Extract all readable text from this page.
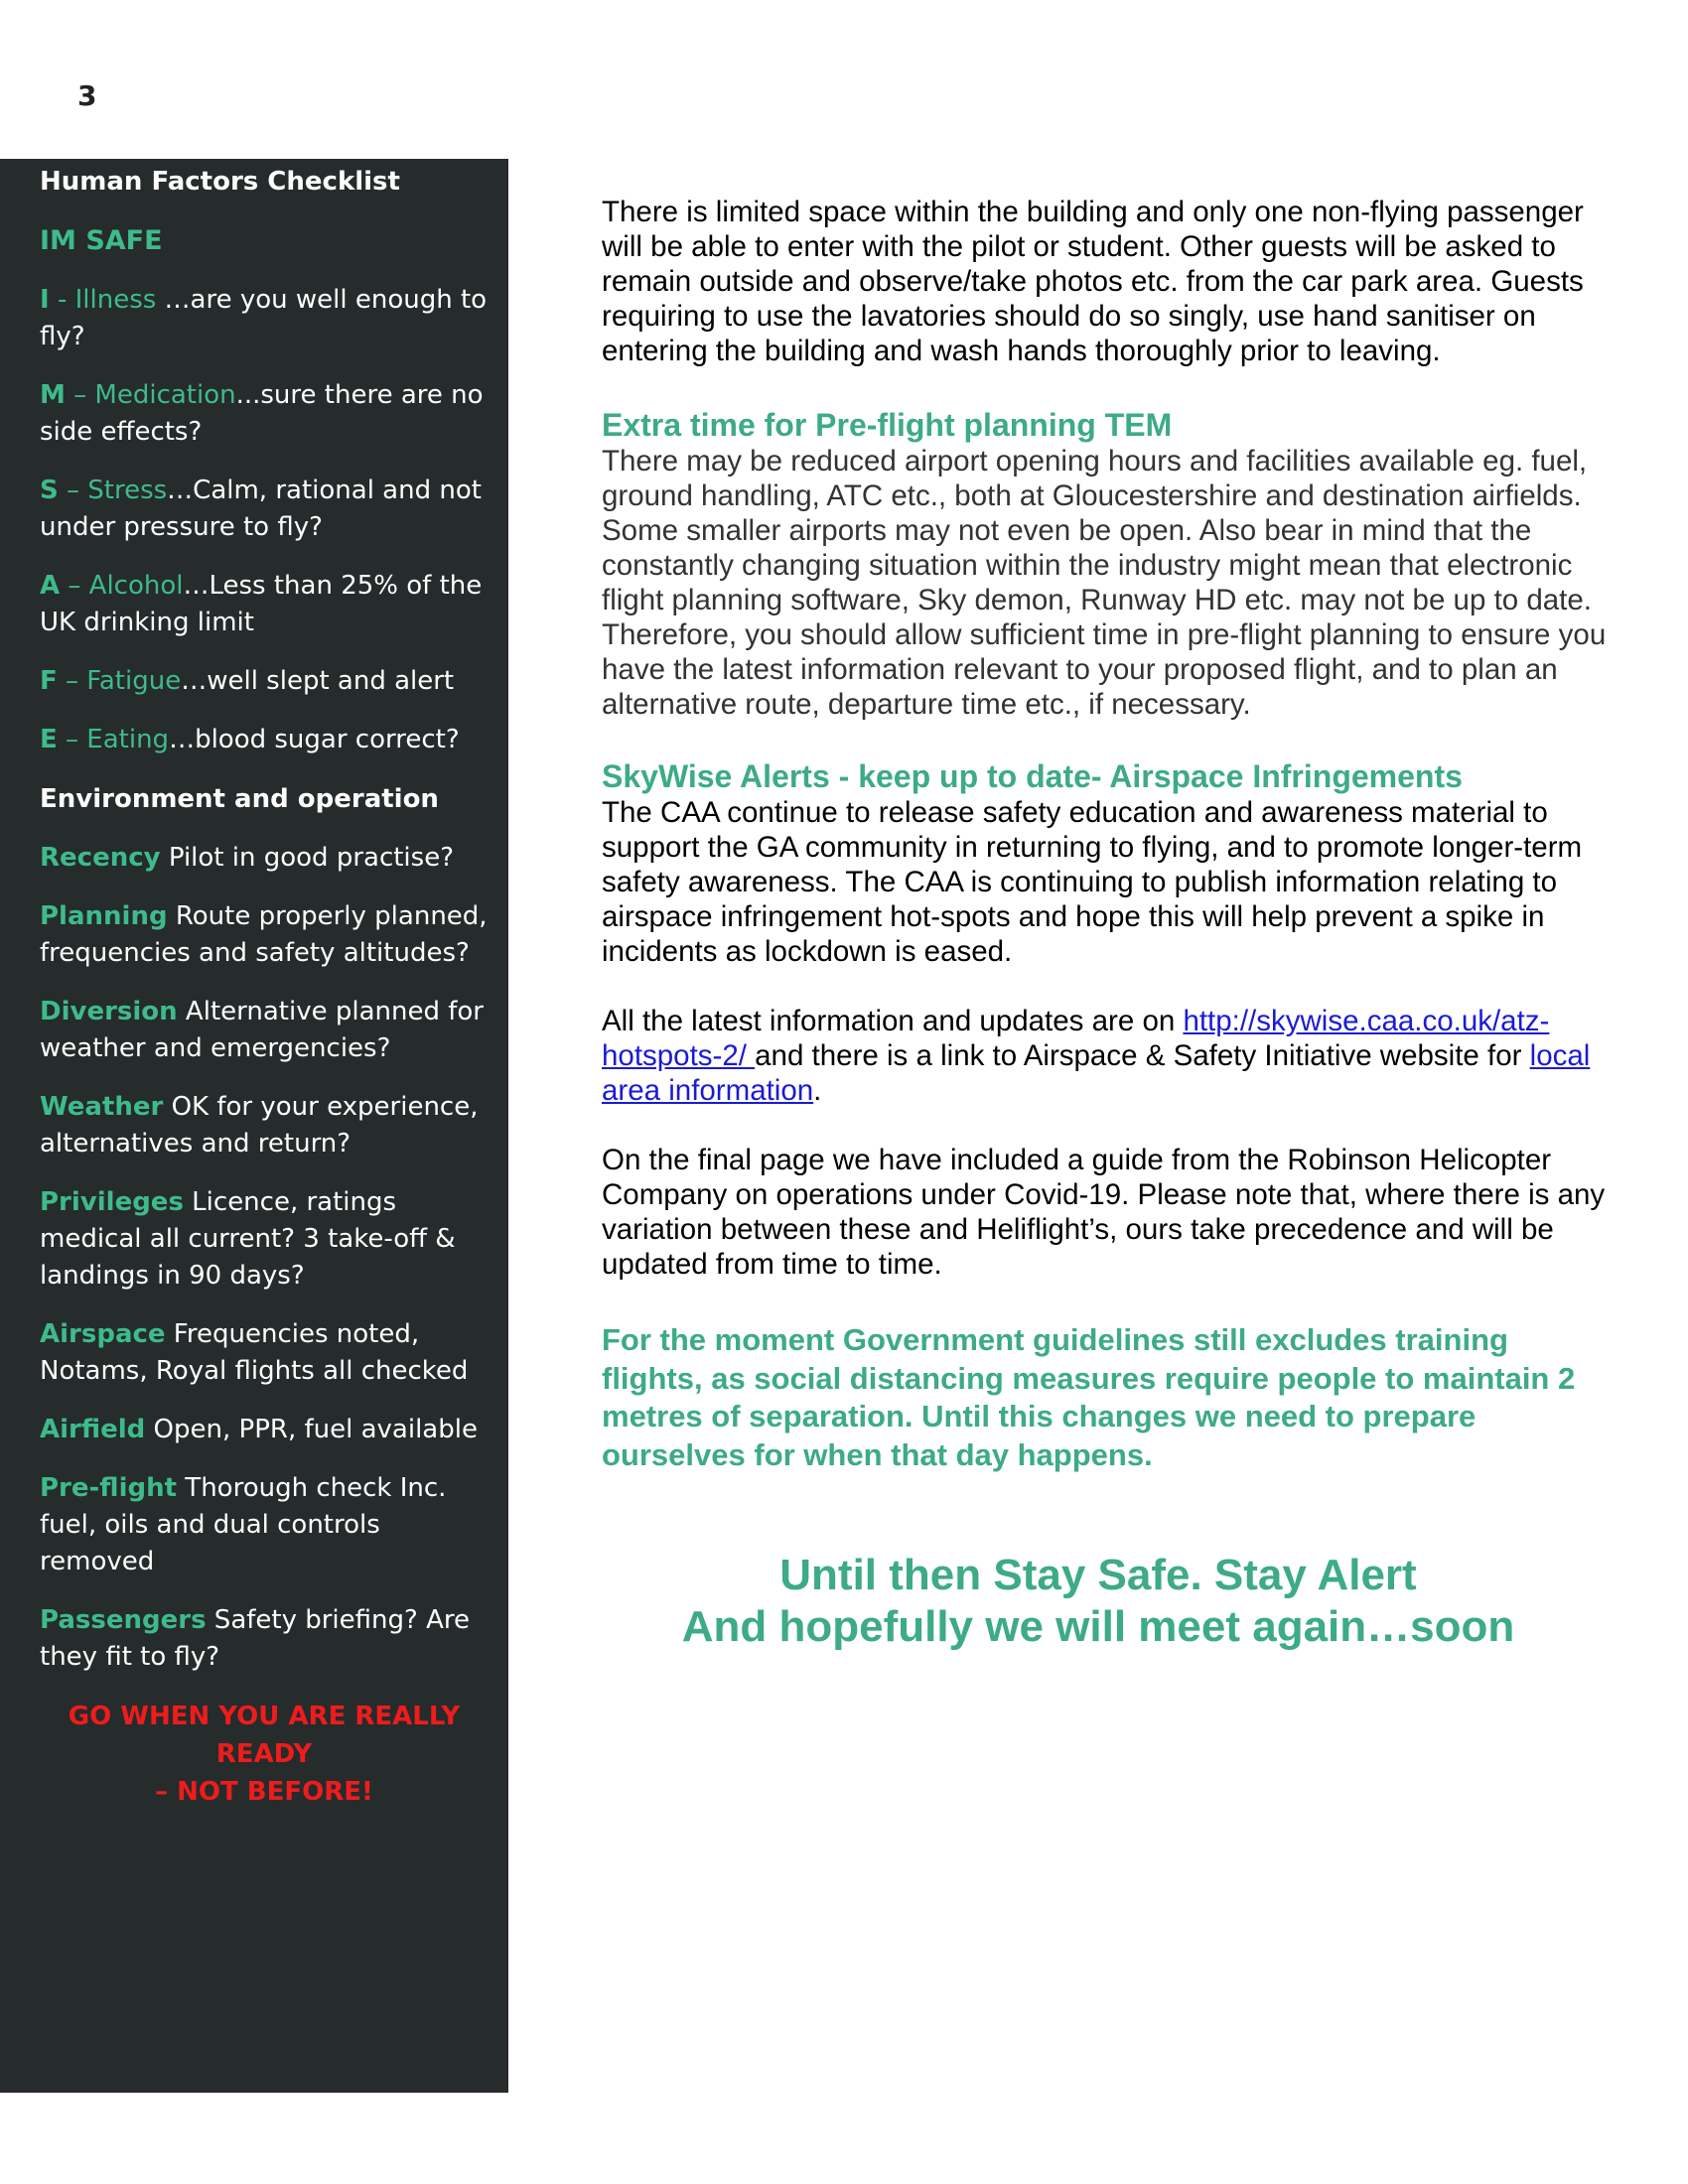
3
Human Factors Checklist
IM SAFE
I - Illness …are you well enough to fly?
M – Medication...sure there are no side effects?
S – Stress…Calm, rational and not under pressure to fly?
A – Alcohol…Less than 25% of the UK drinking limit
F – Fatigue…well slept and alert
E – Eating…blood sugar correct?
Environment and operation
Recency Pilot in good practise?
Planning Route properly planned, frequencies and safety altitudes?
Diversion Alternative planned for weather and emergencies?
Weather OK for your experience, alternatives and return?
Privileges Licence, ratings medical all current? 3 take-off & landings in 90 days?
Airspace Frequencies noted, Notams, Royal flights all checked
Airfield Open, PPR, fuel available
Pre-flight Thorough check Inc. fuel, oils and dual controls removed
Passengers Safety briefing? Are they fit to fly?
GO WHEN YOU ARE REALLY READY
– NOT BEFORE!

There is limited space within the building and only one non-flying passenger will be able to enter with the pilot or student. Other guests will be asked to remain outside and observe/take photos etc. from the car park area. Guests requiring to use the lavatories should do so singly, use hand sanitiser on entering the building and wash hands thoroughly prior to leaving.

Extra time for Pre-flight planning TEM

There may be reduced airport opening hours and facilities available eg. fuel, ground handling, ATC etc., both at Gloucestershire and destination airfields. Some smaller airports may not even be open. Also bear in mind that the constantly changing situation within the industry might mean that electronic flight planning software, Sky demon, Runway HD etc. may not be up to date. Therefore, you should allow sufficient time in pre-flight planning to ensure you have the latest information relevant to your proposed flight, and to plan an alternative route, departure time etc., if necessary.

SkyWise Alerts - keep up to date- Airspace Infringements

The CAA continue to release safety education and awareness material to support the GA community in returning to flying, and to promote longer-term safety awareness. The CAA is continuing to publish information relating to airspace infringement hot-spots and hope this will help prevent a spike in incidents as lockdown is eased.

All the latest information and updates are on http://skywise.caa.co.uk/atz-hotspots-2/ and there is a link to Airspace & Safety Initiative website for local area information.

On the final page we have included a guide from the Robinson Helicopter Company on operations under Covid-19. Please note that, where there is any variation between these and Heliflight’s, ours take precedence and will be updated from time to time.

For the moment Government guidelines still excludes training flights, as social distancing measures require people to maintain 2 metres of separation. Until this changes we need to prepare ourselves for when that day happens.

Until then Stay Safe. Stay Alert

And hopefully we will meet again…soon
